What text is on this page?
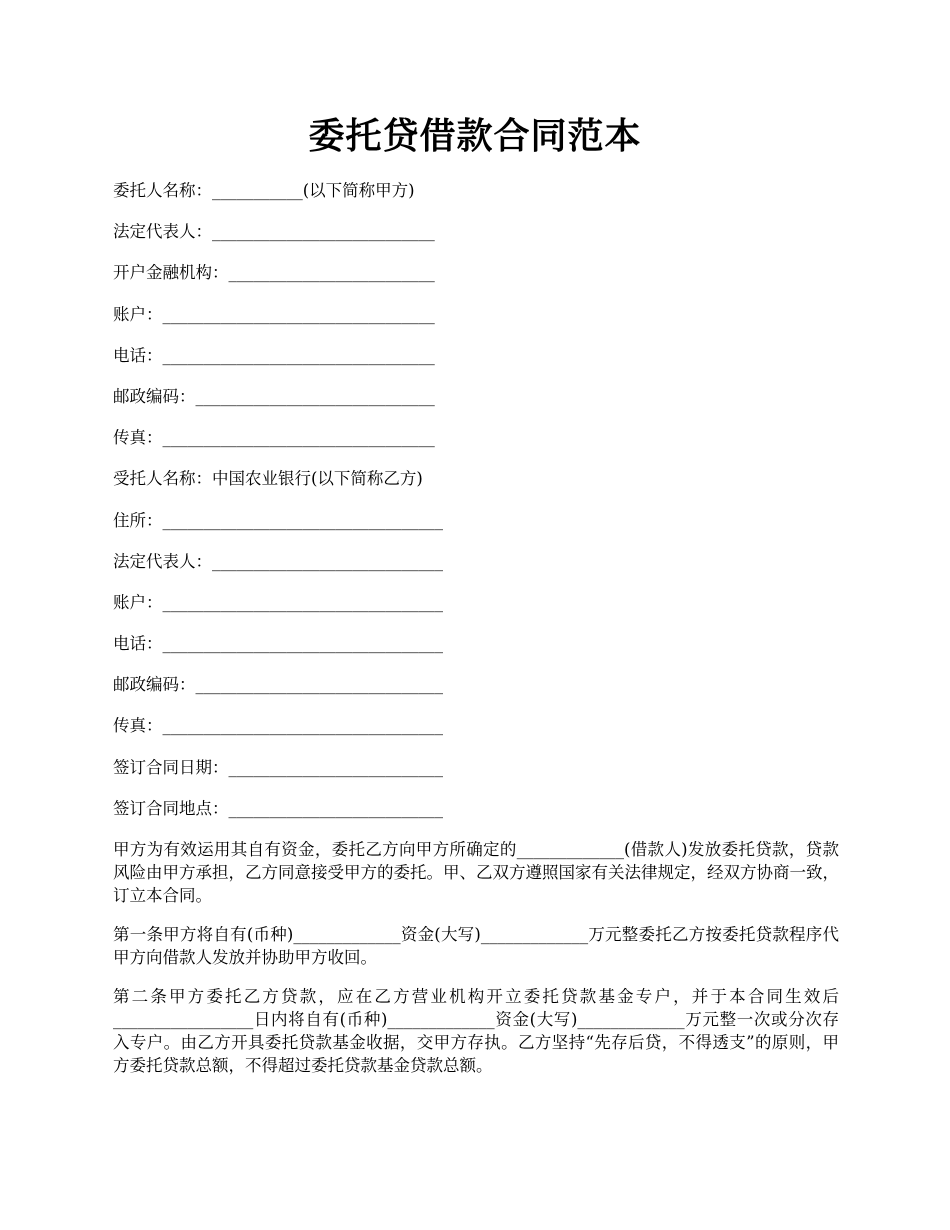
委托贷借款合同范本
委托人名称：___________(以下简称甲方)
法定代表人：___________________________
开户金融机构：_________________________
账户：_________________________________
电话：_________________________________
邮政编码：_____________________________
传真：_________________________________
受托人名称：中国农业银行(以下简称乙方)
住所：__________________________________
法定代表人：____________________________
账户：__________________________________
电话：__________________________________
邮政编码：______________________________
传真：__________________________________
签订合同日期：__________________________
签订合同地点：__________________________

甲方为有效运用其自有资金，委托乙方向甲方所确定的_____________(借款人)发放委托贷款，贷款风险由甲方承担，乙方同意接受甲方的委托。甲、乙双方遵照国家有关法律规定，经双方协商一致，订立本合同。

第一条甲方将自有(币种)_____________资金(大写)_____________万元整委托乙方按委托贷款程序代甲方向借款人发放并协助甲方收回。

第二条甲方委托乙方贷款，应在乙方营业机构开立委托贷款基金专户，并于本合同生效后_________________日内将自有(币种)_____________资金(大写)_____________万元整一次或分次存入专户。由乙方开具委托贷款基金收据，交甲方存执。乙方坚持“先存后贷，不得透支”的原则，甲方委托贷款总额，不得超过委托贷款基金贷款总额。
